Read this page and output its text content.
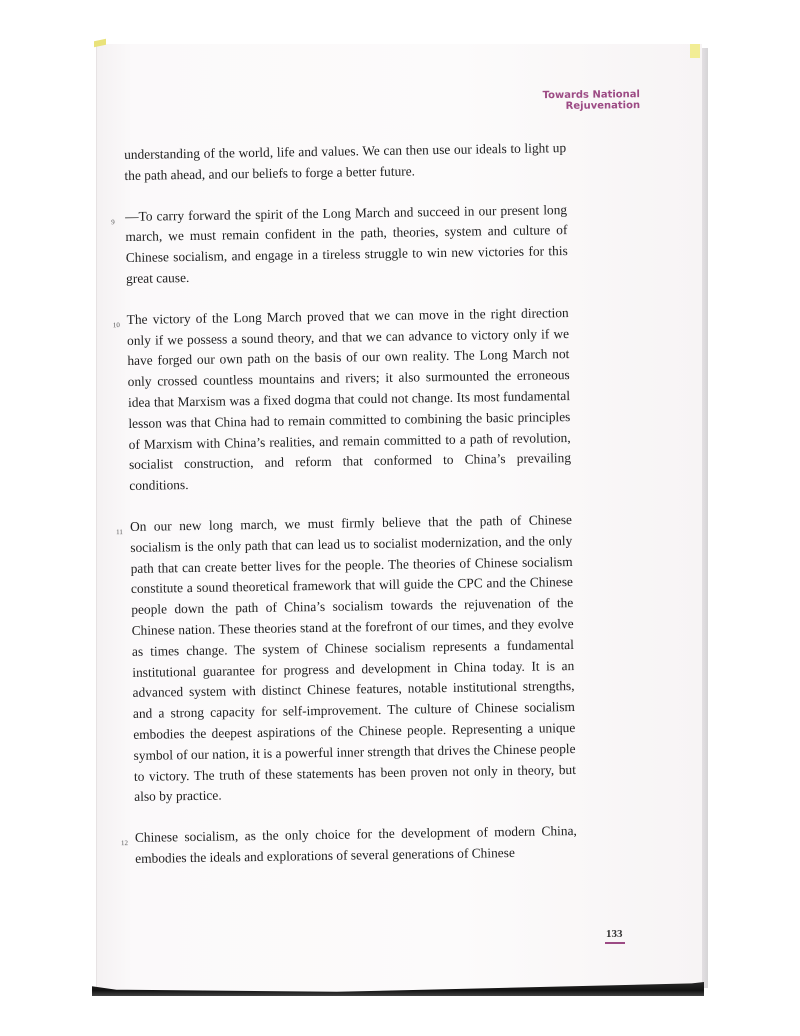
Towards National Rejuvenation

understanding of the world, life and values. We can then use our ideals to light up the path ahead, and our beliefs to forge a better future.

9 —To carry forward the spirit of the Long March and succeed in our present long march, we must remain confident in the path, theories, system and culture of Chinese socialism, and engage in a tireless struggle to win new victories for this great cause.

10 The victory of the Long March proved that we can move in the right direction only if we possess a sound theory, and that we can advance to victory only if we have forged our own path on the basis of our own reality. The Long March not only crossed countless mountains and rivers; it also surmounted the erroneous idea that Marxism was a fixed dogma that could not change. Its most fundamental lesson was that China had to remain committed to combining the basic principles of Marxism with China’s realities, and remain committed to a path of revolution, socialist construction, and reform that conformed to China’s prevailing conditions.

11 On our new long march, we must firmly believe that the path of Chinese socialism is the only path that can lead us to socialist modernization, and the only path that can create better lives for the people. The theories of Chinese socialism constitute a sound theoretical framework that will guide the CPC and the Chinese people down the path of China’s socialism towards the rejuvenation of the Chinese nation. These theories stand at the forefront of our times, and they evolve as times change. The system of Chinese socialism represents a fundamental institutional guarantee for progress and development in China today. It is an advanced system with distinct Chinese features, notable institutional strengths, and a strong capacity for self-improvement. The culture of Chinese socialism embodies the deepest aspirations of the Chinese people. Representing a unique symbol of our nation, it is a powerful inner strength that drives the Chinese people to victory. The truth of these statements has been proven not only in theory, but also by practice.

12 Chinese socialism, as the only choice for the development of modern China, embodies the ideals and explorations of several generations of Chinese

133
